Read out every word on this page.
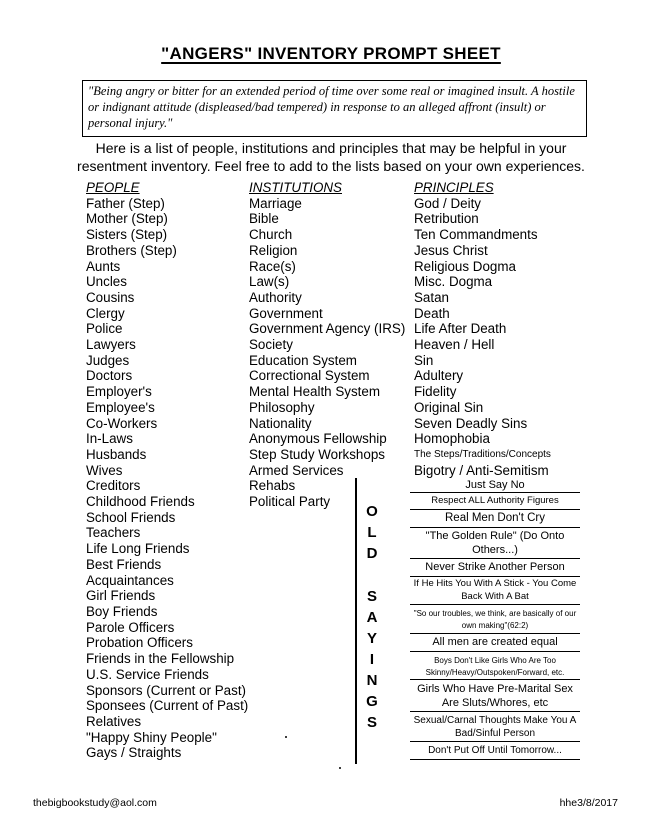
"ANGERS" INVENTORY PROMPT SHEET
"Being angry or bitter for an extended period of time over some real or imagined insult. A hostile or indignant attitude (displeased/bad tempered) in response to an alleged affront (insult) or personal injury."
Here is a list of people, institutions and principles that may be helpful in your
resentment inventory. Feel free to add to the lists based on your own experiences.
PEOPLE
Father (Step)
Mother (Step)
Sisters (Step)
Brothers (Step)
Aunts
Uncles
Cousins
Clergy
Police
Lawyers
Judges
Doctors
Employer's
Employee's
Co-Workers
In-Laws
Husbands
Wives
Creditors
Childhood Friends
School Friends
Teachers
Life Long Friends
Best Friends
Acquaintances
Girl Friends
Boy Friends
Parole Officers
Probation Officers
Friends in the Fellowship
U.S. Service Friends
Sponsors (Current or Past)
Sponsees (Current of Past)
Relatives
"Happy Shiny People"
Gays / Straights
INSTITUTIONS
Marriage
Bible
Church
Religion
Race(s)
Law(s)
Authority
Government
Government Agency (IRS)
Society
Education System
Correctional System
Mental Health System
Philosophy
Nationality
Anonymous Fellowship
Step Study Workshops
Armed Services
Rehabs
Political Party
PRINCIPLES
God / Deity
Retribution
Ten Commandments
Jesus Christ
Religious Dogma
Misc. Dogma
Satan
Death
Life After Death
Heaven / Hell
Sin
Adultery
Fidelity
Original Sin
Seven Deadly Sins
Homophobia
The Steps/Traditions/Concepts
Bigotry / Anti-Semitism
O
L
D
S
A
Y
I
N
G
S
Just Say No
Respect ALL Authority Figures
Real Men Don't Cry
"The Golden Rule" (Do Onto Others...)
Never Strike Another Person
If He Hits You With A Stick - You Come Back With A Bat
"So our troubles, we think, are basically of our own making"(62:2)
All men are created equal
Boys Don't Like Girls Who Are Too Skinny/Heavy/Outspoken/Forward, etc.
Girls Who Have Pre-Marital Sex Are Sluts/Whores, etc
Sexual/Carnal Thoughts Make You A Bad/Sinful Person
Don't Put Off Until Tomorrow...
thebigbookstudy@aol.com	hhe3/8/2017
